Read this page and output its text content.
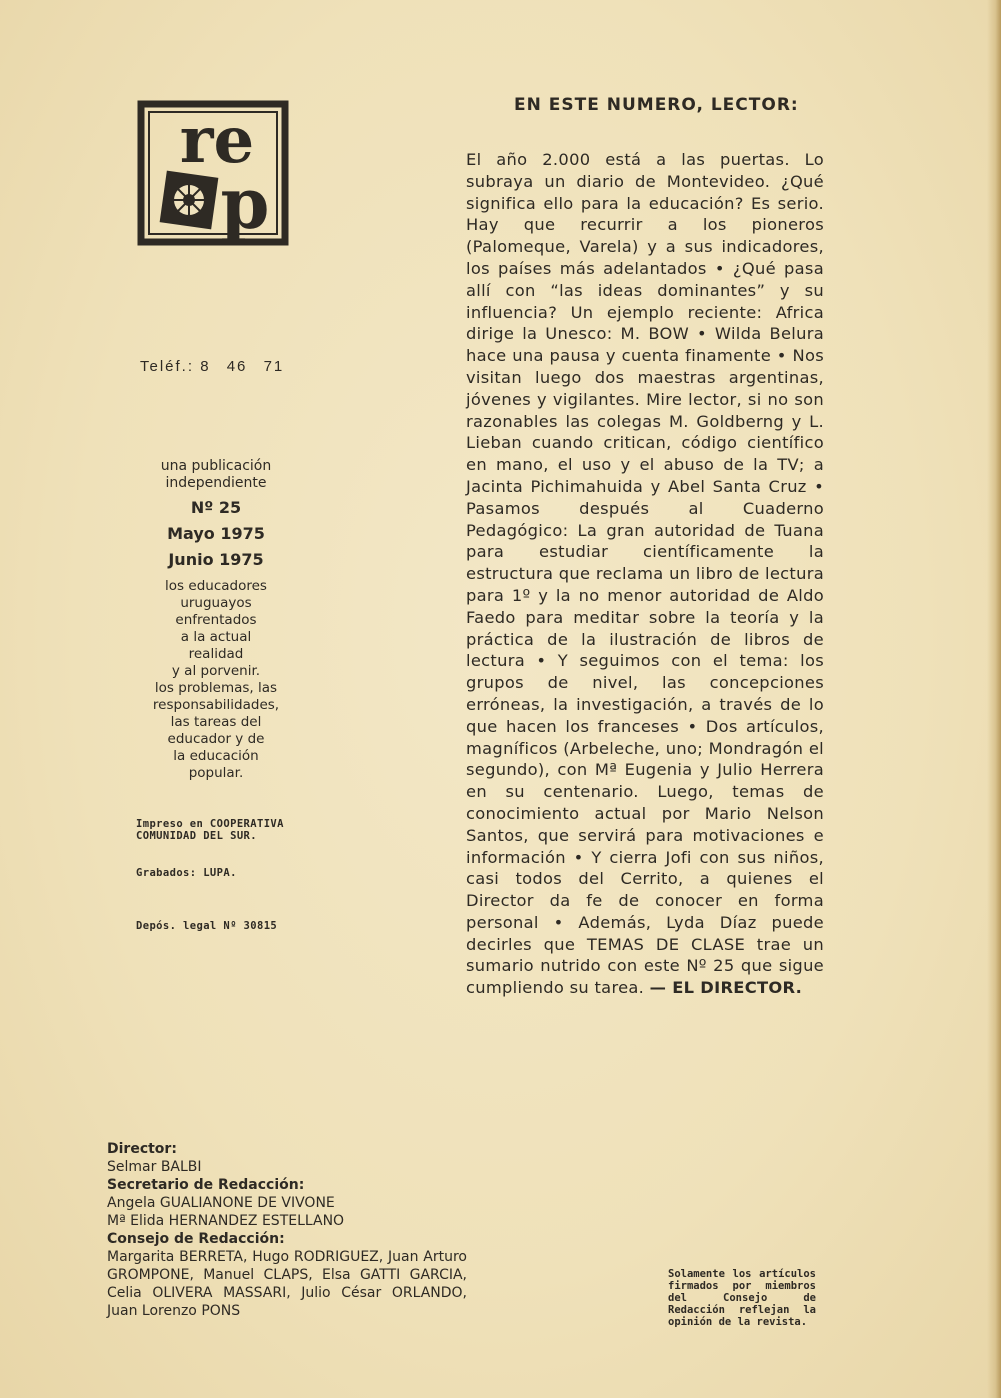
re
p
Teléf.: 8 46 71
una publicación
independiente
Nº 25
Mayo 1975
Junio 1975
los educadores
uruguayos
enfrentados
a la actual
realidad
y al porvenir.
los problemas, las
responsabilidades,
las tareas del
educador y de
la educación
popular.
Impreso en COOPERATIVA COMUNIDAD DEL SUR.
Grabados: LUPA.
Depós. legal Nº 30815
EN ESTE NUMERO, LECTOR:
El año 2.000 está a las puertas. Lo subraya un diario de Montevideo. ¿Qué significa ello para la educación? Es serio. Hay que recurrir a los pioneros (Palomeque, Varela) y a sus indicadores, los países más adelantados • ¿Qué pasa allí con “las ideas dominantes” y su influencia? Un ejemplo reciente: Africa dirige la Unesco: M. BOW • Wilda Belura hace una pausa y cuenta finamente • Nos visitan luego dos maestras argentinas, jóvenes y vigilantes. Mire lector, si no son razonables las colegas M. Goldberng y L. Lieban cuando critican, código científico en mano, el uso y el abuso de la TV; a Jacinta Pichimahuida y Abel Santa Cruz • Pasamos después al Cuaderno Pedagógico: La gran autoridad de Tuana para estudiar científicamente la estructura que reclama un libro de lectura para 1º y la no menor autoridad de Aldo Faedo para meditar sobre la teoría y la práctica de la ilustración de libros de lectura • Y seguimos con el tema: los grupos de nivel, las concepciones erróneas, la investigación, a través de lo que hacen los franceses • Dos artículos, magníficos (Arbeleche, uno; Mondragón el segundo), con Mª Eugenia y Julio Herrera en su centenario. Luego, temas de conocimiento actual por Mario Nelson Santos, que servirá para motivaciones e información • Y cierra Jofi con sus niños, casi todos del Cerrito, a quienes el Director da fe de conocer en forma personal • Además, Lyda Díaz puede decirles que TEMAS DE CLASE trae un sumario nutrido con este Nº 25 que sigue cumpliendo su tarea. — EL DIRECTOR.
Director:
Selmar BALBI
Secretario de Redacción:
Angela GUALIANONE DE VIVONE
Mª Elida HERNANDEZ ESTELLANO
Consejo de Redacción:
Margarita BERRETA, Hugo RODRIGUEZ, Juan Arturo GROMPONE, Manuel CLAPS, Elsa GATTI GARCIA, Celia OLIVERA MASSARI, Julio César ORLANDO, Juan Lorenzo PONS
Solamente los artículos firmados por miembros del Consejo de Redacción reflejan la opinión de la revista.
